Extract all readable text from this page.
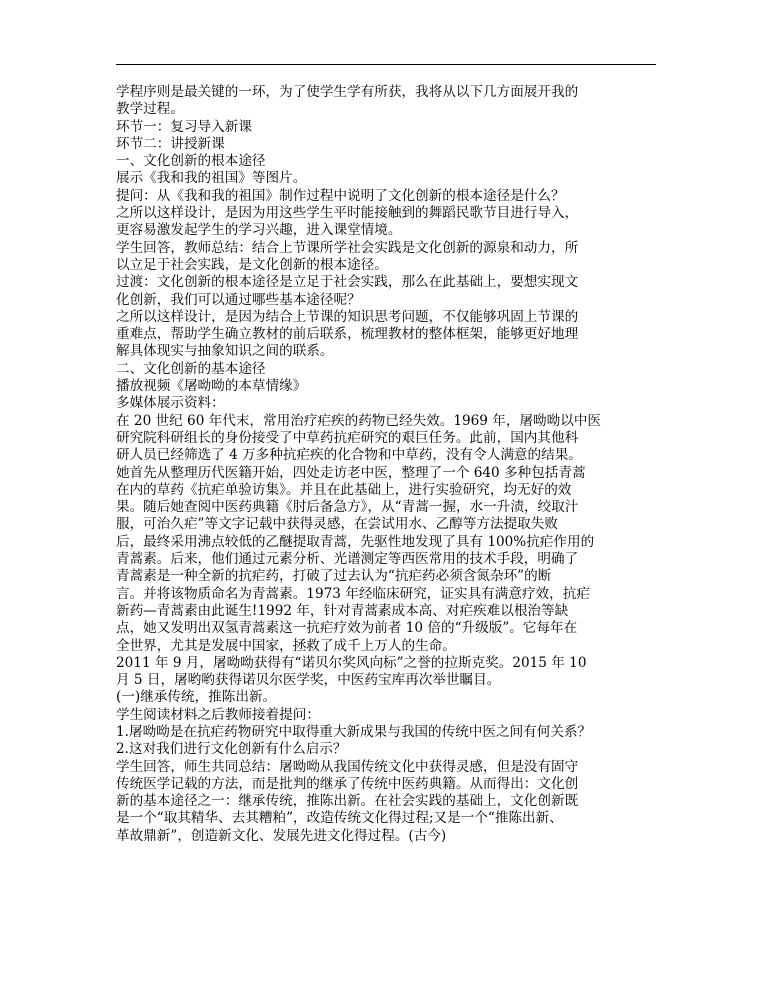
学程序则是最关键的一环，为了使学生学有所获，我将从以下几方面展开我的
教学过程。
环节一：复习导入新课
环节二：讲授新课
一、文化创新的根本途径
展示《我和我的祖国》等图片。
提问：从《我和我的祖国》制作过程中说明了文化创新的根本途径是什么？
之所以这样设计，是因为用这些学生平时能接触到的舞蹈民歌节目进行导入，
更容易激发起学生的学习兴趣，进入课堂情境。
学生回答，教师总结：结合上节课所学社会实践是文化创新的源泉和动力，所
以立足于社会实践，是文化创新的根本途径。
过渡：文化创新的根本途径是立足于社会实践，那么在此基础上，要想实现文
化创新，我们可以通过哪些基本途径呢？
之所以这样设计，是因为结合上节课的知识思考问题，不仅能够巩固上节课的
重难点，帮助学生确立教材的前后联系，梳理教材的整体框架，能够更好地理
解具体现实与抽象知识之间的联系。
二、文化创新的基本途径
播放视频《屠呦呦的本草情缘》
多媒体展示资料：
在 20 世纪 60 年代末，常用治疗疟疾的药物已经失效。1969 年，屠呦呦以中医
研究院科研组长的身份接受了中草药抗疟研究的艰巨任务。此前，国内其他科
研人员已经筛选了 4 万多种抗疟疾的化合物和中草药，没有令人满意的结果。
她首先从整理历代医籍开始，四处走访老中医，整理了一个 640 多种包括青蒿
在内的草药《抗疟单验访集》。并且在此基础上，进行实验研究，均无好的效
果。随后她查阅中医药典籍《肘后备急方》，从“青蒿一握，水一升渍，绞取汁
服，可治久疟”等文字记载中获得灵感，在尝试用水、乙醇等方法提取失败
后，最终采用沸点较低的乙醚提取青蒿，先驱性地发现了具有 100%抗疟作用的
青蒿素。后来，他们通过元素分析、光谱测定等西医常用的技术手段，明确了
青蒿素是一种全新的抗疟药，打破了过去认为“抗疟药必须含氮杂环”的断
言。并将该物质命名为青蒿素。1973 年经临床研究，证实具有满意疗效，抗疟
新药—青蒿素由此诞生!1992 年，针对青蒿素成本高、对疟疾难以根治等缺
点，她又发明出双氢青蒿素这一抗疟疗效为前者 10 倍的“升级版”。它每年在
全世界，尤其是发展中国家，拯救了成千上万人的生命。
2011 年 9 月，屠呦呦获得有“诺贝尔奖风向标”之誉的拉斯克奖。2015 年 10
月 5 日，屠哟哟获得诺贝尔医学奖，中医药宝库再次举世瞩目。
(一)继承传统，推陈出新。
学生阅读材料之后教师接着提问：
1.屠呦呦是在抗疟药物研究中取得重大新成果与我国的传统中医之间有何关系？
2.这对我们进行文化创新有什么启示？
学生回答，师生共同总结：屠呦呦从我国传统文化中获得灵感，但是没有固守
传统医学记载的方法，而是批判的继承了传统中医药典籍。从而得出：文化创
新的基本途径之一：继承传统，推陈出新。在社会实践的基础上，文化创新既
是一个“取其精华、去其糟粕”，改造传统文化得过程;又是一个“推陈出新、
革故鼎新”，创造新文化、发展先进文化得过程。(古今)
